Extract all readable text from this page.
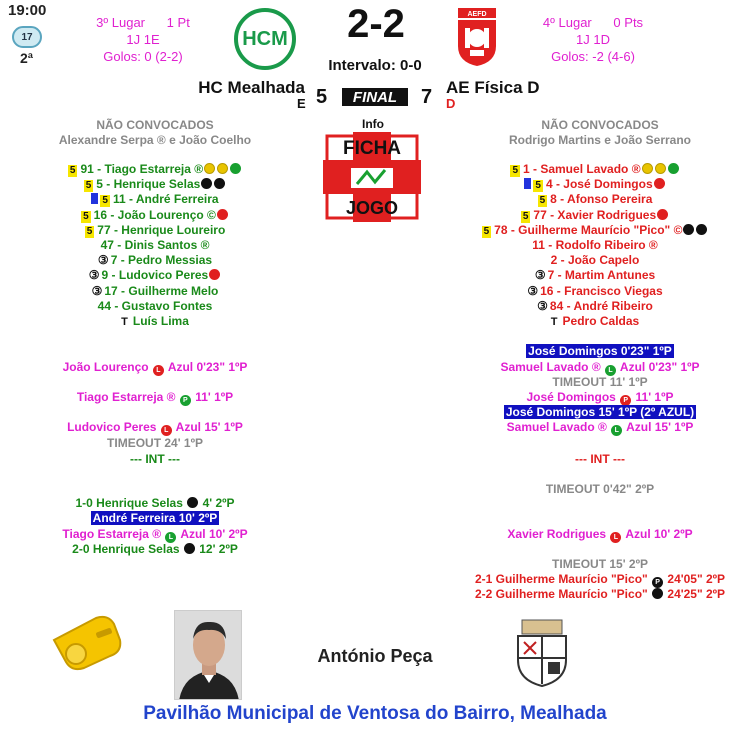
19:00
17
2ª
3º Lugar      1 Pt
1J 1E
Golos: 0 (2-2)
4º Lugar      0 Pts
1J 1D
Golos: -2 (4-6)
HCM
AEFD
2-2
Intervalo: 0-0
HC Mealhada	AE Física D
5	7
E	D
FINAL
Info
FICHA
JOGO
NÃO CONVOCADOS
Alexandre Serpa ® e João Coelho
NÃO CONVOCADOS
Rodrigo Martins e João Serrano
5 91 - Tiago Estarreja ®
5 5 - Henrique Selas
5 11 - André Ferreira
5 16 - João Lourenço ©
5 77 - Henrique Loureiro
47 - Dinis Santos ®
③ 7 - Pedro Messias
③ 9 - Ludovico Peres
③ 17 - Guilherme Melo
44 - Gustavo Fontes
T Luís Lima
5 1 - Samuel Lavado ®
5 4 - José Domingos
5 8 - Afonso Pereira
5 77 - Xavier Rodrigues
5 78 - Guilherme Maurício "Pico" ©
11 - Rodolfo Ribeiro ®
2 - João Capelo
③ 7 - Martim Antunes
③ 16 - Francisco Viegas
③ 84 - André Ribeiro
T Pedro Caldas
João Lourenço L Azul 0'23" 1ºP
Tiago Estarreja ® P 11' 1ºP
Ludovico Peres L Azul 15' 1ºP
TIMEOUT 24' 1ºP
--- INT ---
1-0 Henrique Selas 4' 2ºP
André Ferreira 10' 2ºP
Tiago Estarreja ® L Azul 10' 2ºP
2-0 Henrique Selas 12' 2ºP
José Domingos 0'23" 1ºP
Samuel Lavado ® L Azul 0'23" 1ºP
TIMEOUT 11' 1ºP
José Domingos P 11' 1ºP
José Domingos 15' 1ºP (2º AZUL)
Samuel Lavado ® L Azul 15' 1ºP
--- INT ---
TIMEOUT 0'42" 2ºP
Xavier Rodrigues L Azul 10' 2ºP
TIMEOUT 15' 2ºP
2-1 Guilherme Maurício "Pico" P 24'05" 2ºP
2-2 Guilherme Maurício "Pico" 24'25" 2ºP
António Peça
Pavilhão Municipal de Ventosa do Bairro, Mealhada
